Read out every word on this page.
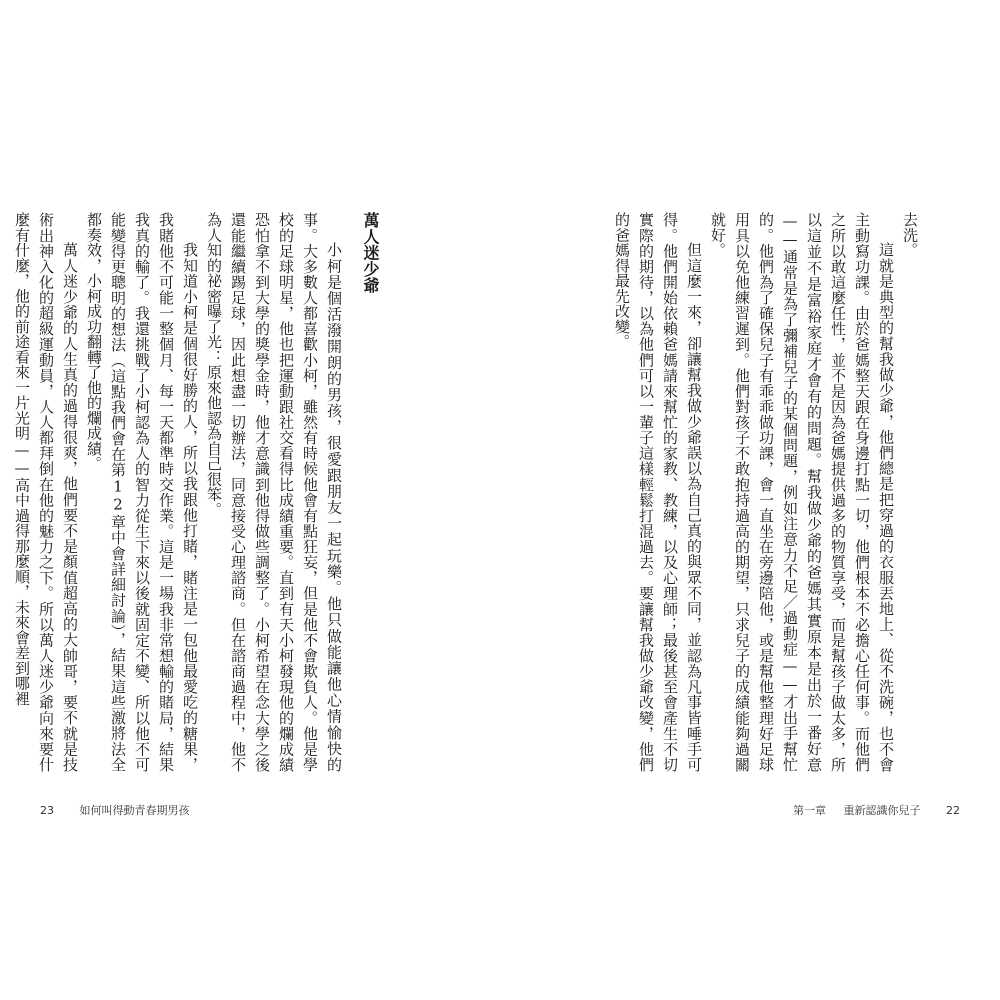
萬人迷少爺

小柯是個活潑開朗的男孩，很愛跟朋友一起玩樂。他只做能讓他心情愉快的事。大多數人都喜歡小柯，雖然有時候他會有點狂妄，但是他不會欺負人。他是學校的足球明星，他也把運動跟社交看得比成績重要。直到有天小柯發現他的爛成績恐怕拿不到大學的獎學金時，他才意識到他得做些調整了。小柯希望在念大學之後還能繼續踢足球，因此想盡一切辦法，同意接受心理諮商。但在諮商過程中，他不為人知的祕密曝了光：原來他認為自己很笨。

我知道小柯是個很好勝的人，所以我跟他打賭，賭注是一包他最愛吃的糖果，我賭他不可能一整個月、每一天都準時交作業。這是一場我非常想輸的賭局，結果我真的輸了。我還挑戰了小柯認為人的智力從生下來以後就固定不變、所以他不可能變得更聰明的想法（這點我們會在第12章中會詳細討論），結果這些激將法全都奏效，小柯成功翻轉了他的爛成績。

萬人迷少爺的人生真的過得很爽，他們要不是顏值超高的大帥哥，要不就是技術出神入化的超級運動員，人人都拜倒在他的魅力之下。所以萬人迷少爺向來要什麼有什麼，他的前途看來一片光明——高中過得那麼順，未來會差到哪裡	去洗。

這就是典型的幫我做少爺，他們總是把穿過的衣服丟地上、從不洗碗，也不會主動寫功課。由於爸媽整天跟在身邊打點一切，他們根本不必擔心任何事。而他們之所以敢這麼任性，並不是因為爸媽提供過多的物質享受，而是幫孩子做太多，所以這並不是富裕家庭才會有的問題。幫我做少爺的爸媽其實原本是出於一番好意——通常是為了彌補兒子的某個問題，例如注意力不足／過動症——才出手幫忙的。他們為了確保兒子有乖乖做功課，會一直坐在旁邊陪他，或是幫他整理好足球用具以免他練習遲到。他們對孩子不敢抱持過高的期望，只求兒子的成績能夠過關就好。

但這麼一來，卻讓幫我做少爺誤以為自己真的與眾不同，並認為凡事皆唾手可得。他們開始依賴爸媽請來幫忙的家教、教練，以及心理師；最後甚至會產生不切實際的期待，以為他們可以一輩子這樣輕鬆打混過去。要讓幫我做少爺改變，他們的爸媽得最先改變。

23 如何叫得動青春期男孩	第一章 重新認識你兒子 22
